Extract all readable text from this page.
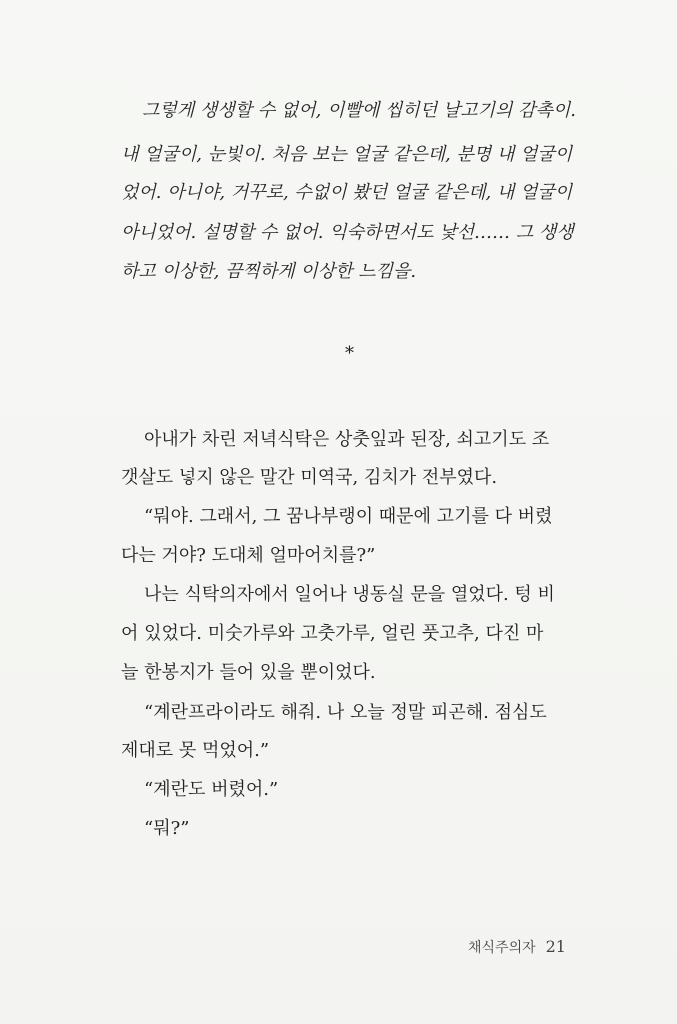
그렇게 생생할 수 없어, 이빨에 씹히던 날고기의 감촉이.
내 얼굴이, 눈빛이. 처음 보는 얼굴 같은데, 분명 내 얼굴이
었어. 아니야, 거꾸로, 수없이 봤던 얼굴 같은데, 내 얼굴이
아니었어. 설명할 수 없어. 익숙하면서도 낯선…… 그 생생
하고 이상한, 끔찍하게 이상한 느낌을.
*
아내가 차린 저녁식탁은 상춧잎과 된장, 쇠고기도 조
갯살도 넣지 않은 말간 미역국, 김치가 전부였다.
“뭐야. 그래서, 그 꿈나부랭이 때문에 고기를 다 버렸
다는 거야? 도대체 얼마어치를?”
나는 식탁의자에서 일어나 냉동실 문을 열었다. 텅 비
어 있었다. 미숫가루와 고춧가루, 얼린 풋고추, 다진 마
늘 한봉지가 들어 있을 뿐이었다.
“계란프라이라도 해줘. 나 오늘 정말 피곤해. 점심도
제대로 못 먹었어.”
“계란도 버렸어.”
“뭐?”
채식주의자 21
